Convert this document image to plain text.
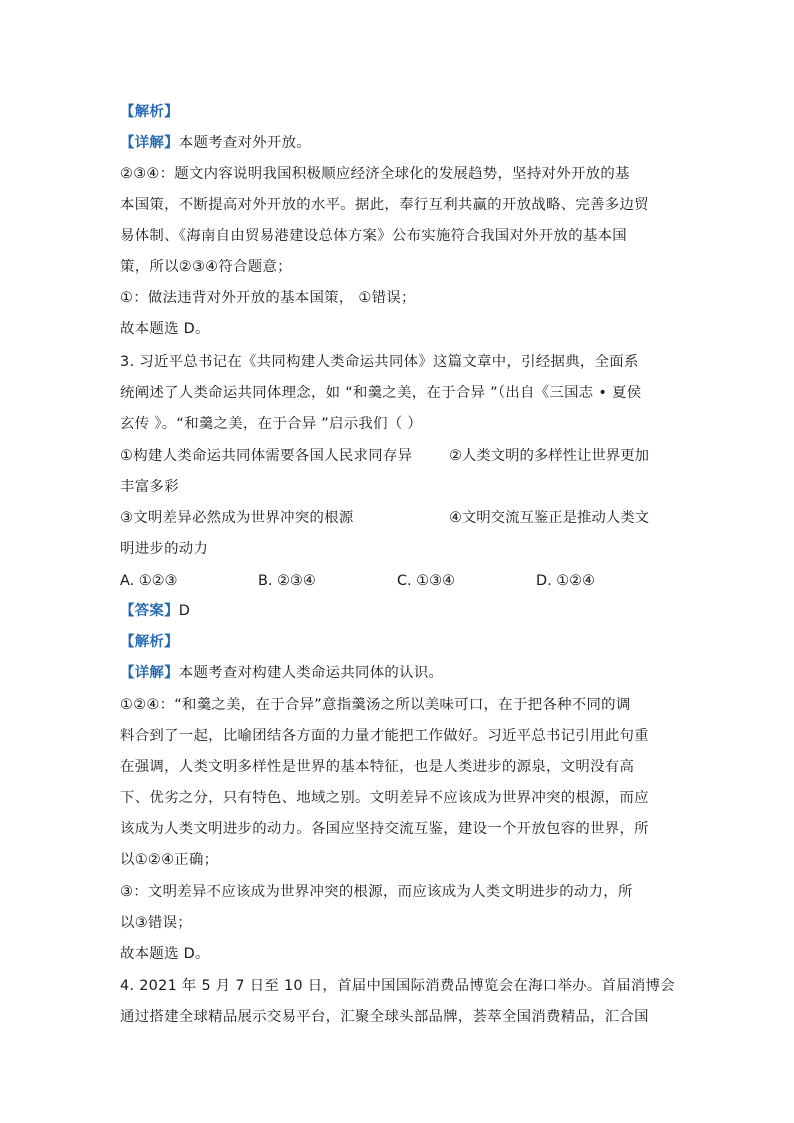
【解析】
【详解】本题考查对外开放。
②③④：题文内容说明我国积极顺应经济全球化的发展趋势，坚持对外开放的基
本国策，不断提高对外开放的水平。据此，奉行互利共赢的开放战略、完善多边贸
易体制、《海南自由贸易港建设总体方案》公布实施符合我国对外开放的基本国
策，所以②③④符合题意；
①：做法违背对外开放的基本国策， ①错误；
故本题选 D。
3. 习近平总书记在《共同构建人类命运共同体》这篇文章中，引经据典，全面系
统阐述了人类命运共同体理念，如 “和羹之美，在于合异 ”（出自《三国志 • 夏侯
玄传 》。“和羹之美，在于合异 ”启示我们（ ）
①构建人类命运共同体需要各国人民求同存异	②人类文明的多样性让世界更加
丰富多彩
③文明差异必然成为世界冲突的根源	④文明交流互鉴正是推动人类文
明进步的动力
A. ①②③	B. ②③④	C. ①③④	D. ①②④
【答案】D
【解析】
【详解】本题考查对构建人类命运共同体的认识。
①②④：“和羹之美，在于合异”意指羹汤之所以美味可口，在于把各种不同的调
料合到了一起，比喻团结各方面的力量才能把工作做好。习近平总书记引用此句重
在强调，人类文明多样性是世界的基本特征，也是人类进步的源泉，文明没有高
下、优劣之分，只有特色、地域之别。文明差异不应该成为世界冲突的根源，而应
该成为人类文明进步的动力。各国应坚持交流互鉴，建设一个开放包容的世界，所
以①②④正确；
③：文明差异不应该成为世界冲突的根源，而应该成为人类文明进步的动力，所
以③错误；
故本题选 D。
4. 2021 年 5 月 7 日至 10 日，首届中国国际消费品博览会在海口举办。首届消博会
通过搭建全球精品展示交易平台，汇聚全球头部品牌，荟萃全国消费精品，汇合国
